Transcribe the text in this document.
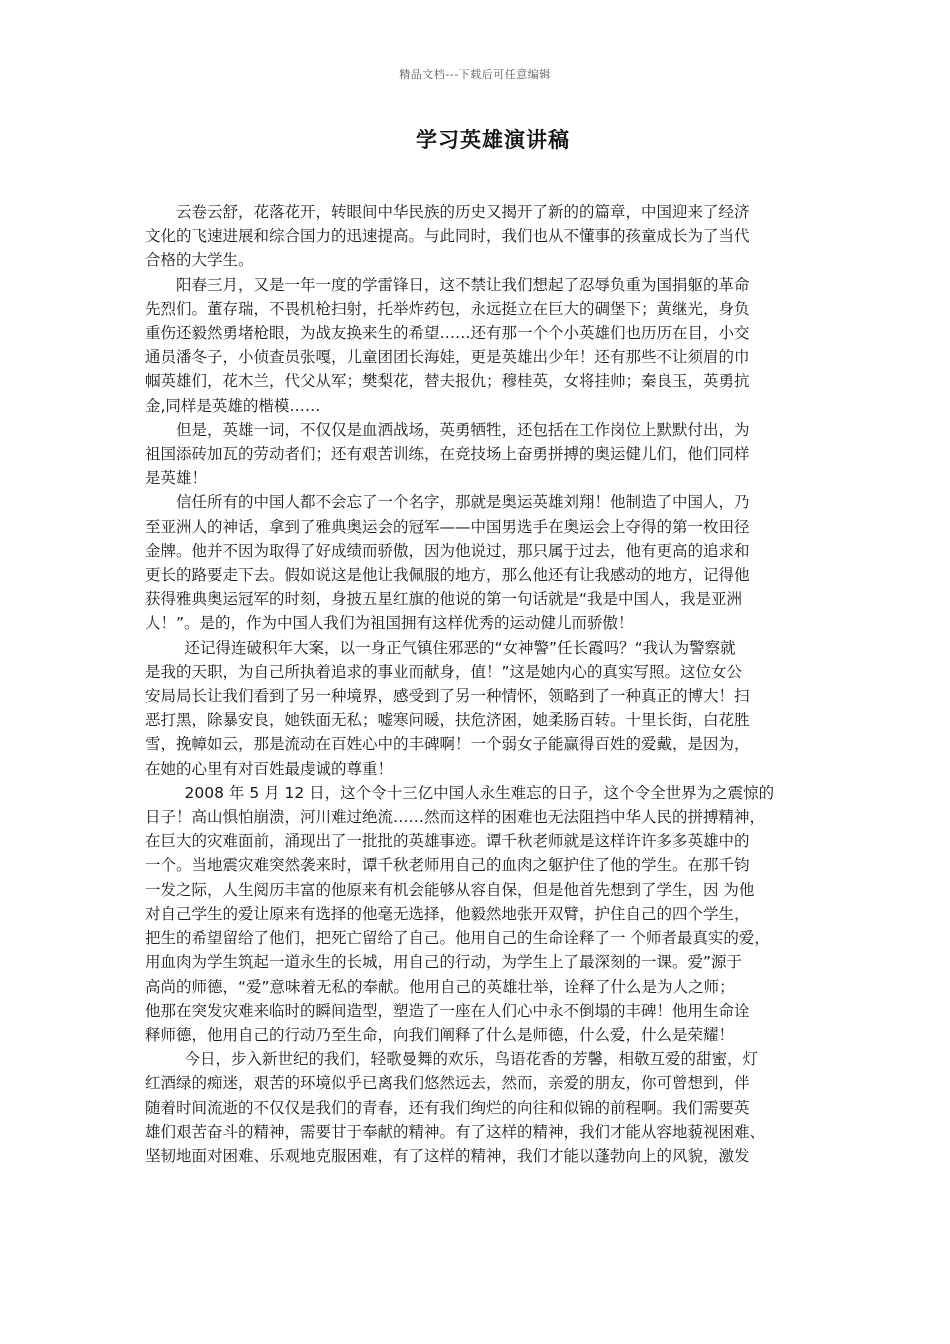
精品文档---下载后可任意编辑
学习英雄演讲稿
云卷云舒，花落花开，转眼间中华民族的历史又揭开了新的的篇章，中国迎来了经济
文化的飞速进展和综合国力的迅速提高。与此同时，我们也从不懂事的孩童成长为了当代
合格的大学生。
阳春三月，又是一年一度的学雷锋日，这不禁让我们想起了忍辱负重为国捐躯的革命
先烈们。董存瑞，不畏机枪扫射，托举炸药包，永远挺立在巨大的碉堡下；黄继光，身负
重伤还毅然勇堵枪眼，为战友换来生的希望……还有那一个个小英雄们也历历在目，小交
通员潘冬子，小侦查员张嘎，儿童团团长海娃，更是英雄出少年！还有那些不让须眉的巾
帼英雄们，花木兰，代父从军；樊梨花，替夫报仇；穆桂英，女将挂帅；秦良玉，英勇抗
金,同样是英雄的楷模……
但是，英雄一词，不仅仅是血洒战场，英勇牺牲，还包括在工作岗位上默默付出，为
祖国添砖加瓦的劳动者们；还有艰苦训练，在竞技场上奋勇拼搏的奥运健儿们，他们同样
是英雄！
信任所有的中国人都不会忘了一个名字，那就是奥运英雄刘翔！他制造了中国人，乃
至亚洲人的神话，拿到了雅典奥运会的冠军——中国男选手在奥运会上夺得的第一枚田径
金牌。他并不因为取得了好成绩而骄傲，因为他说过，那只属于过去，他有更高的追求和
更长的路要走下去。假如说这是他让我佩服的地方，那么他还有让我感动的地方，记得他
获得雅典奥运冠军的时刻，身披五星红旗的他说的第一句话就是“我是中国人，我是亚洲
人！”。是的，作为中国人我们为祖国拥有这样优秀的运动健儿而骄傲！
还记得连破积年大案，以一身正气镇住邪恶的“女神警”任长霞吗？“我认为警察就
是我的天职，为自己所执着追求的事业而献身，值！”这是她内心的真实写照。这位女公
安局局长让我们看到了另一种境界，感受到了另一种情怀，领略到了一种真正的博大！扫
恶打黑，除暴安良，她铁面无私；嘘寒问暖，扶危济困，她柔肠百转。十里长街，白花胜
雪，挽幛如云，那是流动在百姓心中的丰碑啊！一个弱女子能赢得百姓的爱戴，是因为，
在她的心里有对百姓最虔诚的尊重！
2008 年 5 月 12 日，这个令十三亿中国人永生难忘的日子，这个令全世界为之震惊的
日子！高山惧怕崩溃，河川难过绝流……然而这样的困难也无法阻挡中华人民的拼搏精神，
在巨大的灾难面前，涌现出了一批批的英雄事迹。谭千秋老师就是这样许许多多英雄中的
一个。当地震灾难突然袭来时，谭千秋老师用自己的血肉之躯护住了他的学生。在那千钧
一发之际，人生阅历丰富的他原来有机会能够从容自保，但是他首先想到了学生，因 为他
对自己学生的爱让原来有选择的他毫无选择，他毅然地张开双臂，护住自己的四个学生，
把生的希望留给了他们，把死亡留给了自己。他用自己的生命诠释了一 个师者最真实的爱，
用血肉为学生筑起一道永生的长城，用自己的行动，为学生上了最深刻的一课。爱”源于
高尚的师德，“爱”意味着无私的奉献。他用自己的英雄壮举，诠释了什么是为人之师；
他那在突发灾难来临时的瞬间造型，塑造了一座在人们心中永不倒塌的丰碑！他用生命诠
释师德，他用自己的行动乃至生命，向我们阐释了什么是师德，什么爱，什么是荣耀！
今日，步入新世纪的我们，轻歌曼舞的欢乐，鸟语花香的芳馨，相敬互爱的甜蜜，灯
红酒绿的痴迷，艰苦的环境似乎已离我们悠然远去，然而，亲爱的朋友，你可曾想到，伴
随着时间流逝的不仅仅是我们的青春，还有我们绚烂的向往和似锦的前程啊。我们需要英
雄们艰苦奋斗的精神，需要甘于奉献的精神。有了这样的精神，我们才能从容地藐视困难、
坚韧地面对困难、乐观地克服困难，有了这样的精神，我们才能以蓬勃向上的风貌，激发
